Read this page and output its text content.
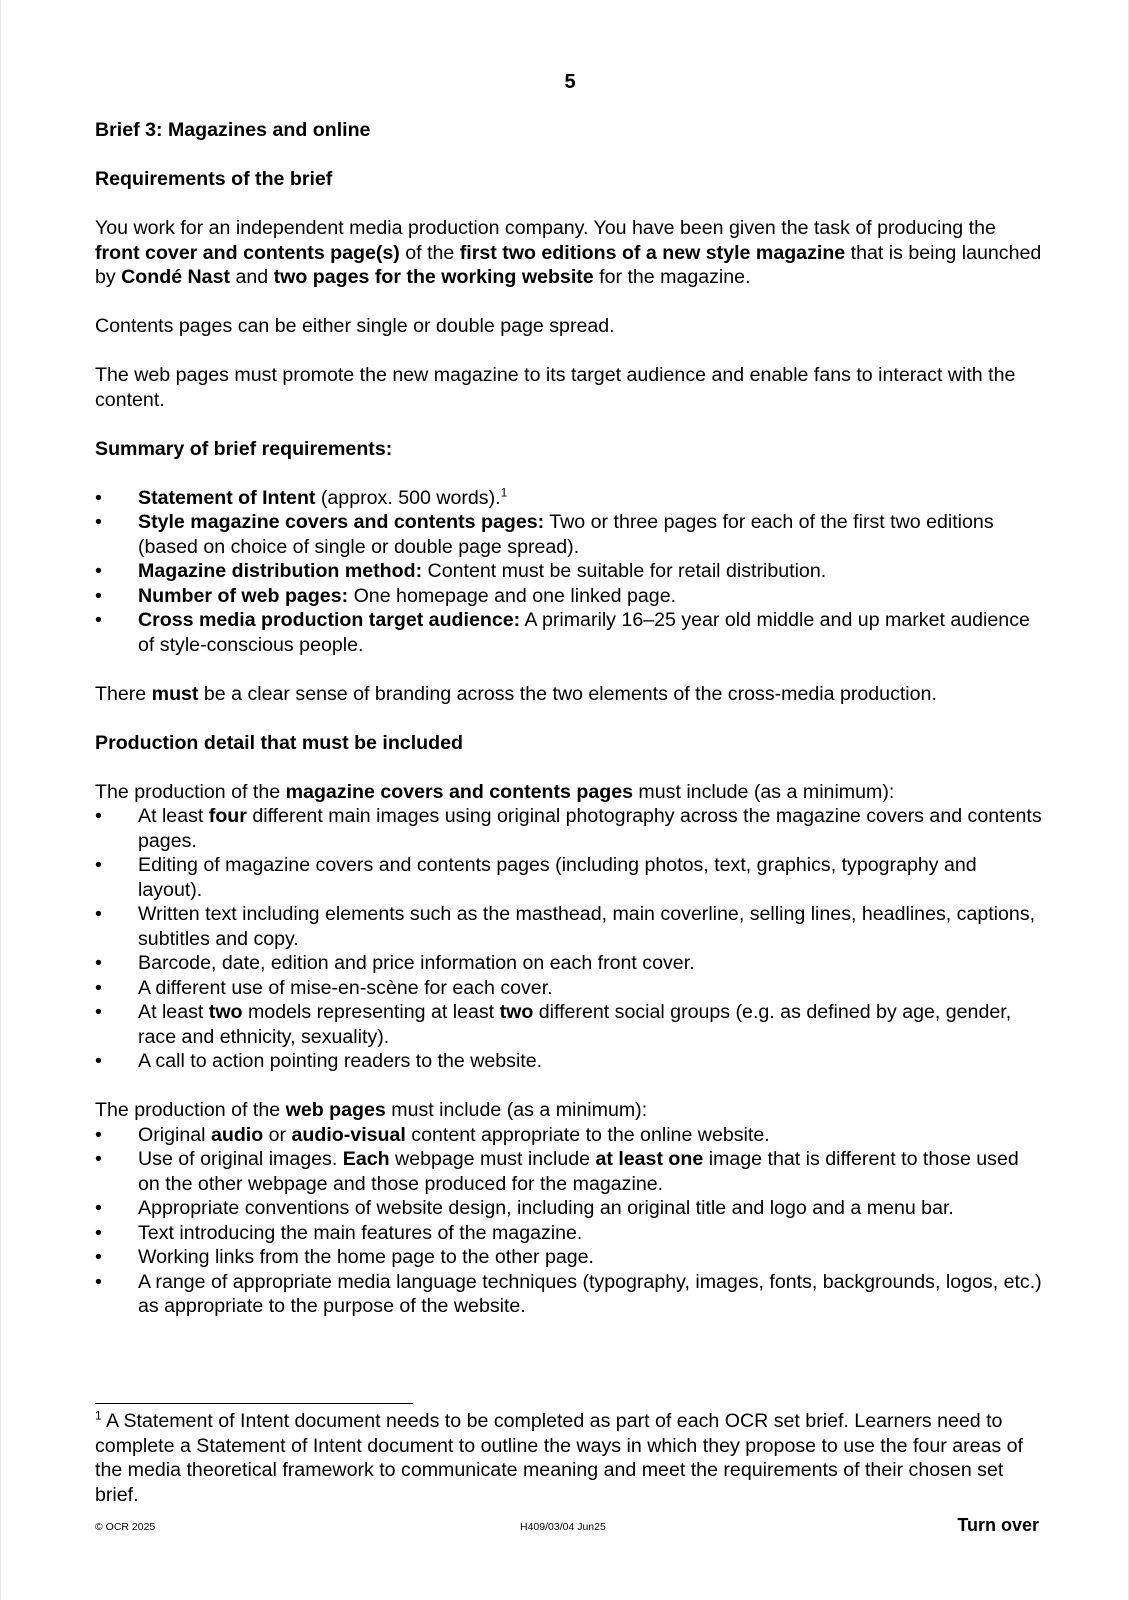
5
Brief 3: Magazines and online
Requirements of the brief

You work for an independent media production company. You have been given the task of producing the front cover and contents page(s) of the first two editions of a new style magazine that is being launched by Condé Nast and two pages for the working website for the magazine.

Contents pages can be either single or double page spread.

The web pages must promote the new magazine to its target audience and enable fans to interact with the content.

Summary of brief requirements:
• Statement of Intent (approx. 500 words).$^1$
• Style magazine covers and contents pages: Two or three pages for each of the first two editions (based on choice of single or double page spread).
• Magazine distribution method: Content must be suitable for retail distribution.
• Number of web pages: One homepage and one linked page.
• Cross media production target audience: A primarily 16–25 year old middle and up market audience of style-conscious people.

There must be a clear sense of branding across the two elements of the cross-media production.

Production detail that must be included

The production of the magazine covers and contents pages must include (as a minimum):

• At least four different main images using original photography across the magazine covers and contents pages.
• Editing of magazine covers and contents pages (including photos, text, graphics, typography and layout).
• Written text including elements such as the masthead, main coverline, selling lines, headlines, captions, subtitles and copy.
• Barcode, date, edition and price information on each front cover.
• A different use of mise-en-scène for each cover.
• At least two models representing at least two different social groups (e.g. as defined by age, gender, race and ethnicity, sexuality).
• A call to action pointing readers to the website.

The production of the web pages must include (as a minimum):

• Original audio or audio-visual content appropriate to the online website.
• Use of original images. Each webpage must include at least one image that is different to those used on the other webpage and those produced for the magazine.
• Appropriate conventions of website design, including an original title and logo and a menu bar.
• Text introducing the main features of the magazine.
• Working links from the home page to the other page.
• A range of appropriate media language techniques (typography, images, fonts, backgrounds, logos, etc.) as appropriate to the purpose of the website.
$^1$ A Statement of Intent document needs to be completed as part of each OCR set brief. Learners need to complete a Statement of Intent document to outline the ways in which they propose to use the four areas of the media theoretical framework to communicate meaning and meet the requirements of their chosen set brief.
© OCR 2025	H409/03/04 Jun25	Turn over
